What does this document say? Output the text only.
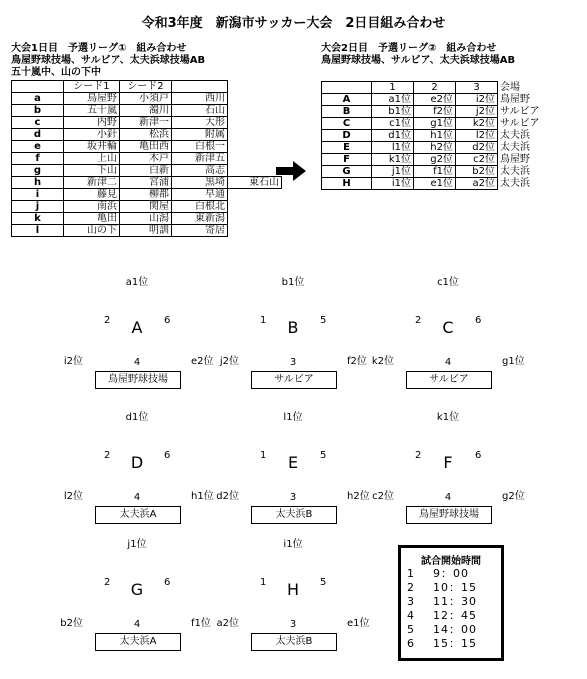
令和3年度　新潟市サッカー大会　2日目組み合わせ
大会1日目　予選リーグ①　組み合わせ
鳥屋野球技場、サルビア、太夫浜球技場AB
五十嵐中、山の下中
	シード1	シード2		
a	鳥屋野	小須戸	西川	
b	五十嵐	濁川	石山	
c	内野	新津一	大形	
d	小針	松浜	附属	
e	坂井輪	亀田西	白根一	
f	上山	木戸	新津五	
g	下山	白新	高志	
h	新津二	宮浦	黒埼	東石山
i	藤見	柳都	早通	
j	南浜	関屋	白根北	
k	亀田	山潟	東新潟	
l	山の下	明訓	寄居	
大会2日目　予選リーグ②　組み合わせ
鳥屋野球技場、サルビア、太夫浜球技場AB
	1	2	3	会場
A	a1位	e2位	i2位	鳥屋野
B	b1位	f2位	j2位	サルビア
C	c1位	g1位	k2位	サルビア
D	d1位	h1位	l2位	太夫浜
E	l1位	h2位	d2位	太夫浜
F	k1位	g2位	c2位	鳥屋野
G	j1位	f1位	b2位	太夫浜
H	i1位	e1位	a2位	太夫浜
A
a1位
i2位	e2位
2	6
4
鳥屋野球技場
B
b1位
j2位	f2位
1	5
3
サルビア
C
c1位
k2位	g1位
2	6
4
サルビア
D
d1位
l2位	h1位
2	6
4
太夫浜A
E
l1位
d2位	h2位
1	5
3
太夫浜B
F
k1位
c2位	g2位
2	6
4
鳥屋野球技場
G
j1位
b2位	f1位
2	6
4
太夫浜A
H
i1位
a2位	e1位
1	5
3
太夫浜B
試合開始時間
1	9：00
2	10：15
3	11：30
4	12：45
5	14：00
6	15：15
